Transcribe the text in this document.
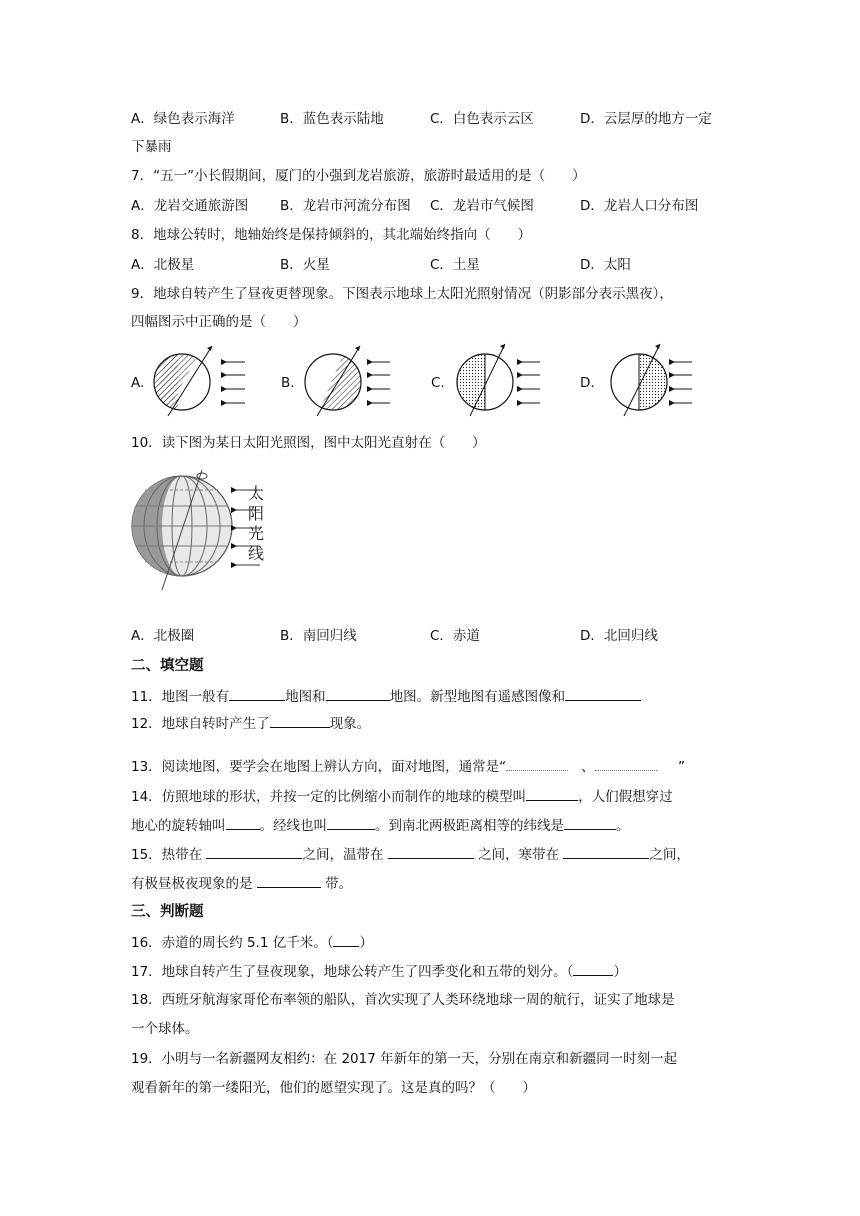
A．绿色表示海洋	B．蓝色表示陆地	C．白色表示云区	D．云层厚的地方一定
下暴雨
7．“五一”小长假期间，厦门的小强到龙岩旅游，旅游时最适用的是（　　）
A．龙岩交通旅游图 B．龙岩市河流分布图 C．龙岩市气候图	D．龙岩人口分布图
8．地球公转时，地轴始终是保持倾斜的，其北端始终指向（　　）
A．北极星	B．火星	C．土星	D．太阳
9．地球自转产生了昼夜更替现象。下图表示地球上太阳光照射情况（阴影部分表示黑夜），
四幅图示中正确的是（　　）
A.	B.	C.	D.
10．读下图为某日太阳光照图，图中太阳光直射在（　　）
太
阳
光
线
A．北极圈	B．南回归线	C．赤道	D．北回归线
二、填空题
11．地图一般有	地图和	地图。新型地图有遥感图像和
12．地球自转时产生了	现象。
13．阅读地图，要学会在地图上辨认方向，面对地图，通常是“	、	”
14．仿照地球的形状，并按一定的比例缩小而制作的地球的模型叫	，人们假想穿过
地心的旋转轴叫	。经线也叫	。到南北两极距离相等的纬线是	。
15．热带在	之间，温带在	之间，寒带在	之间，
有极昼极夜现象的是	带。
三、判断题
16．赤道的周长约 5.1 亿千米。（ ）
17．地球自转产生了昼夜现象，地球公转产生了四季变化和五带的划分。（	）
18．西班牙航海家哥伦布率领的船队，首次实现了人类环绕地球一周的航行，证实了地球是
一个球体。
19．小明与一名新疆网友相约：在 2017 年新年的第一天，分别在南京和新疆同一时刻一起
观看新年的第一缕阳光，他们的愿望实现了。这是真的吗？（　　）
